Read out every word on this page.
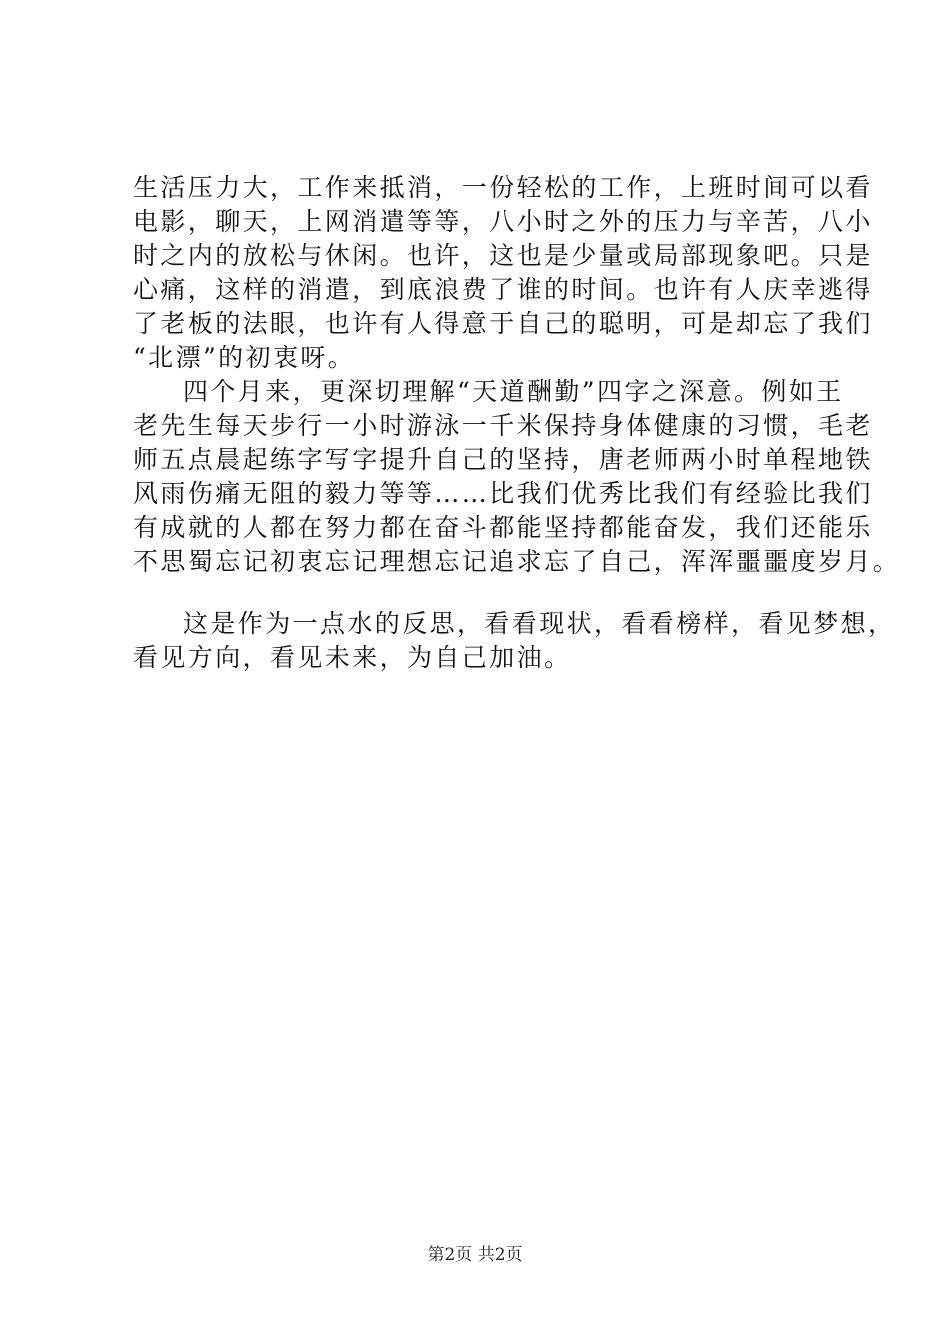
生活压力大，工作来抵消，一份轻松的工作，上班时间可以看
电影，聊天，上网消遣等等，八小时之外的压力与辛苦，八小
时之内的放松与休闲。也许，这也是少量或局部现象吧。只是
心痛，这样的消遣，到底浪费了谁的时间。也许有人庆幸逃得
了老板的法眼，也许有人得意于自己的聪明，可是却忘了我们
“北漂”的初衷呀。
四个月来，更深切理解“天道酬勤”四字之深意。例如王
老先生每天步行一小时游泳一千米保持身体健康的习惯，毛老
师五点晨起练字写字提升自己的坚持，唐老师两小时单程地铁
风雨伤痛无阻的毅力等等……比我们优秀比我们有经验比我们
有成就的人都在努力都在奋斗都能坚持都能奋发，我们还能乐
不思蜀忘记初衷忘记理想忘记追求忘了自己，浑浑噩噩度岁月。
这是作为一点水的反思，看看现状，看看榜样，看见梦想，
看见方向，看见未来，为自己加油。
第2页 共2页
